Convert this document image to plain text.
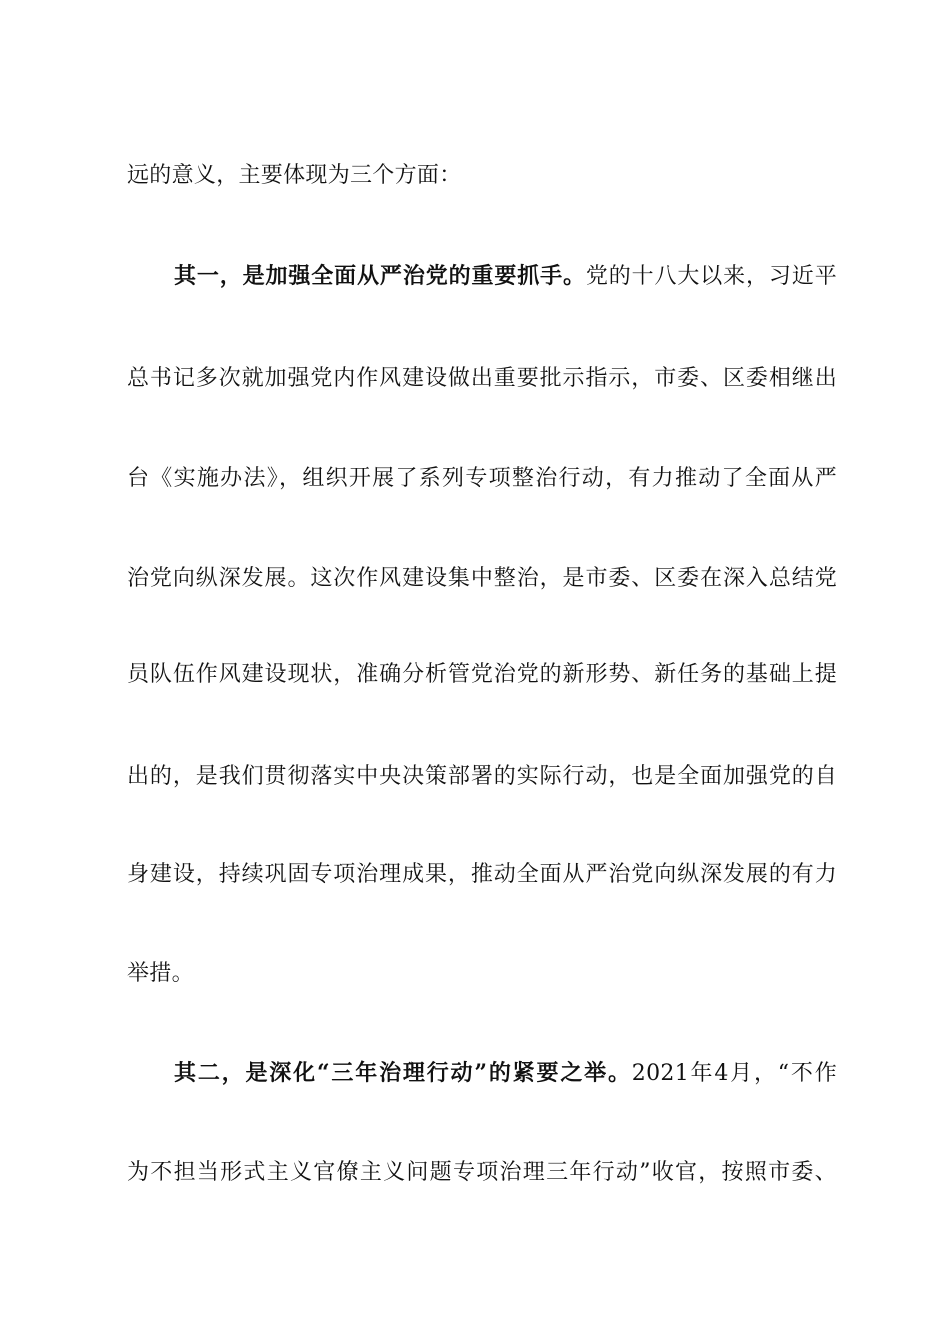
远的意义，主要体现为三个方面：
其一，是加强全面从严治党的重要抓手。党的十八大以来，习近平
总书记多次就加强党内作风建设做出重要批示指示，市委、区委相继出
台《实施办法》，组织开展了系列专项整治行动，有力推动了全面从严
治党向纵深发展。这次作风建设集中整治，是市委、区委在深入总结党
员队伍作风建设现状，准确分析管党治党的新形势、新任务的基础上提
出的，是我们贯彻落实中央决策部署的实际行动，也是全面加强党的自
身建设，持续巩固专项治理成果，推动全面从严治党向纵深发展的有力
举措。
其二，是深化“三年治理行动”的紧要之举。2021年4月，“不作
为不担当形式主义官僚主义问题专项治理三年行动”收官，按照市委、
